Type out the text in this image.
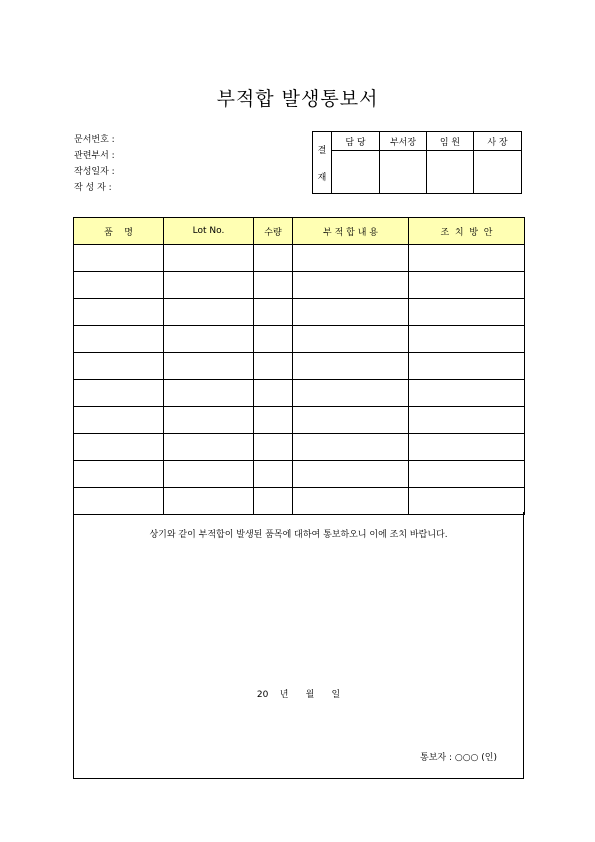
부적합 발생통보서
문서번호 :
관련부서 :
작성일자 :
작 성 자 :
결
재	담 당	부서장	임 원	사 장

품    명	Lot No.	수량	부 적 합 내 용	조  치  방  안

상기와 같이 부적합이 발생된 품목에 대하여 통보하오니 이에 조치 바랍니다.
20    년      월      일
통보자 : ○○○ (인)
